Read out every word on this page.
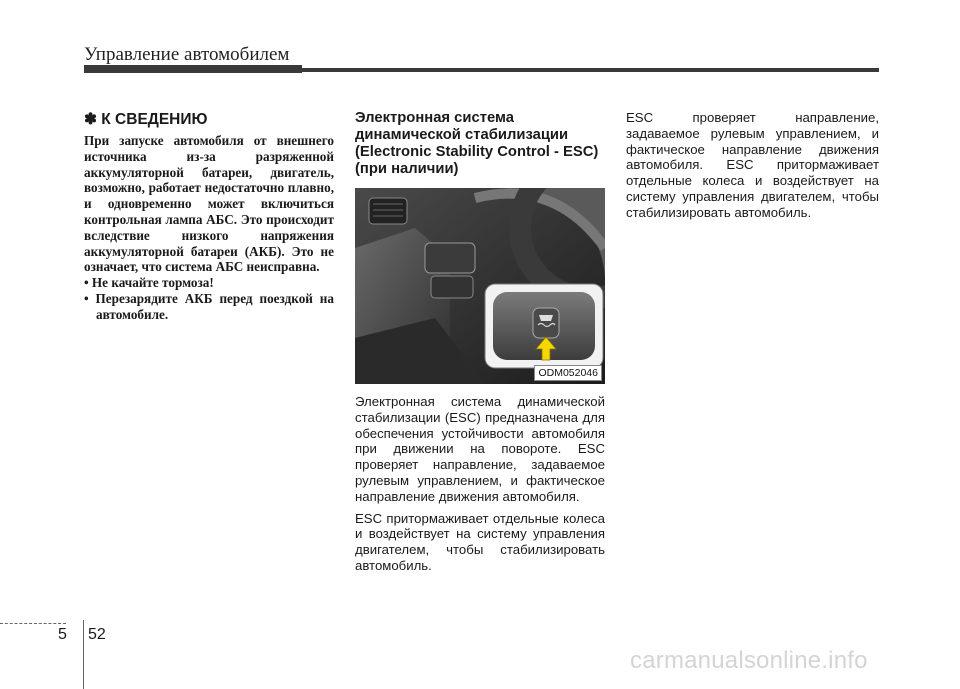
Управление автомобилем
✽ К СВЕДЕНИЮ

При запуске автомобиля от внешнего источника из-за разряженной аккумуляторной батареи, двигатель, возможно, работает недостаточно плавно, и одновременно может включиться контрольная лампа АБС. Это происходит вследствие низкого напряжения аккумуляторной батареи (АКБ). Это не означает, что система АБС неисправна.

• Не качайте тормоза!
• Перезарядите АКБ перед поездкой на автомобиле.
Электронная система динамической стабилизации (Electronic Stability Control - ESC) (при наличии)
ODM052046

Электронная система динамической стабилизации (ESC) предназначена для обеспечения устойчивости автомобиля при движении на повороте. ESC проверяет направление, задаваемое рулевым управлением, и фактическое направление движения автомобиля.

ESC притормаживает отдельные колеса и воздействует на систему управления двигателем, чтобы стабилизировать автомобиль.

ESC проверяет направление, задаваемое рулевым управлением, и фактическое направление движения автомобиля. ESC притормаживает отдельные колеса и воздействует на систему управления двигателем, чтобы стабилизировать автомобиль.

5 52
carmanualsonline.info
